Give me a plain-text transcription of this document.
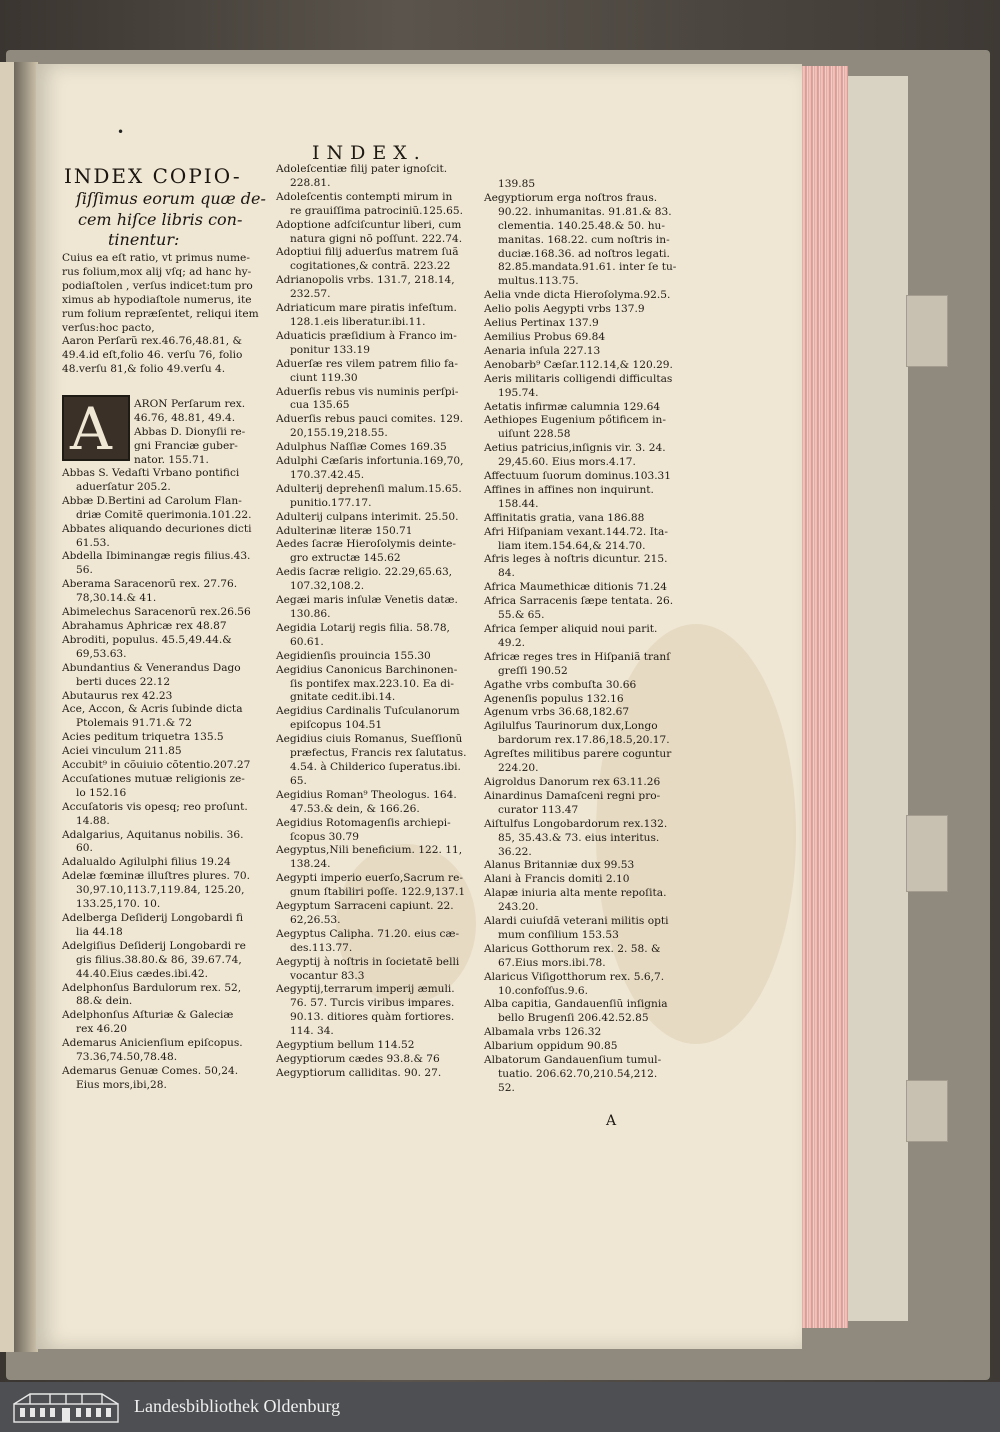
•
INDEX.
INDEX COPIO-
ſiſſimus eorum quæ de-
cem hiſce libris con-
tinentur:
Cuius ea eſt ratio, vt primus nume-
rus folium,mox alij vſq; ad hanc hy-
podiaſtolen , verſus indicet:tum pro
ximus ab hypodiaſtole numerus, ite
rum folium repræſentet, reliqui item
verſus:hoc pacto,
Aaron Perſarũ rex.46.76,48.81, &
49.4.id eſt,folio 46. verſu 76, folio
48.verſu 81,& folio 49.verſu 4.
A ARON Perſarum rex.
46.76, 48.81, 49.4.
Abbas D. Dionyſii re-
gni Franciæ guber-
nator. 155.71.
Abbas S. Vedaſti Vrbano pontifici
aduerſatur 205.2.
Abbæ D.Bertini ad Carolum Flan-
driæ Comitẽ querimonia.101.22.
Abbates aliquando decuriones dicti
61.53.
Abdella Ibiminangæ regis filius.43.
56.
Aberama Saracenorũ rex. 27.76.
78,30.14.& 41.
Abimelechus Saracenorũ rex.26.56
Abrahamus Aphricæ rex 48.87
Abroditi, populus. 45.5,49.44.&
69,53.63.
Abundantius & Venerandus Dago
berti duces 22.12
Abutaurus rex 42.23
Ace, Accon, & Acris ſubinde dicta
Ptolemais 91.71.& 72
Acies peditum triquetra 135.5
Aciei vinculum 211.85
Accubit⁹ in cõuiuio cõtentio.207.27
Accuſationes mutuæ religionis ze-
lo 152.16
Accuſatoris vis opesq; reo proſunt.
14.88.
Adalgarius, Aquitanus nobilis. 36.
60.
Adalualdo Agilulphi filius 19.24
Adelæ fœminæ illuſtres plures. 70.
30,97.10,113.7,119.84, 125.20,
133.25,170. 10.
Adelberga Deſiderij Longobardi fi
lia 44.18
Adelgiſius Deſiderij Longobardi re
gis filius.38.80.& 86, 39.67.74,
44.40.Eius cædes.ibi.42.
Adelphonſus Bardulorum rex. 52,
88.& dein.
Adelphonſus Aſturiæ & Galeciæ
rex 46.20
Ademarus Anicienſium epiſcopus.
73.36,74.50,78.48.
Ademarus Genuæ Comes. 50,24.
Eius mors,ibi,28.
Adoleſcentiæ filij pater ignoſcit.
228.81.
Adoleſcentis contempti mirum in
re grauiſſima patrociniũ.125.65.
Adoptione adſciſcuntur liberi, cum
natura gigni nõ poſſunt. 222.74.
Adoptiui filij aduerſus matrem ſuã
cogitationes,& contrã. 223.22
Adrianopolis vrbs. 131.7, 218.14,
232.57.
Adriaticum mare piratis infeſtum.
128.1.eis liberatur.ibi.11.
Aduaticis præſidium à Franco im-
ponitur 133.19
Aduerſæ res vilem patrem filio fa-
ciunt 119.30
Aduerſis rebus vis numinis perſpi-
cua 135.65
Aduerſis rebus pauci comites. 129.
20,155.19,218.55.
Adulphus Naſſiæ Comes 169.35
Adulphi Cæſaris infortunia.169,70,
170.37.42.45.
Adulterij deprehenſi malum.15.65.
punitio.177.17.
Adulterij culpans interimit. 25.50.
Adulterinæ literæ 150.71
Aedes ſacræ Hieroſolymis deinte-
gro extructæ 145.62
Aedis ſacræ religio. 22.29,65.63,
107.32,108.2.
Aegæi maris inſulæ Venetis datæ.
130.86.
Aegidia Lotarij regis filia. 58.78,
60.61.
Aegidienſis prouincia 155.30
Aegidius Canonicus Barchinonen-
ſis pontifex max.223.10. Ea di-
gnitate cedit.ibi.14.
Aegidius Cardinalis Tuſculanorum
epiſcopus 104.51
Aegidius ciuis Romanus, Sueſſionũ
præfectus, Francis rex ſalutatus.
4.54. à Childerico ſuperatus.ibi.
65.
Aegidius Roman⁹ Theologus. 164.
47.53.& dein, & 166.26.
Aegidius Rotomagenſis archiepi-
ſcopus 30.79
Aegyptus,Nili beneficium. 122. 11,
138.24.
Aegypti imperio euerſo,Sacrum re-
gnum ſtabiliri poſſe. 122.9,137.1
Aegyptum Sarraceni capiunt. 22.
62,26.53.
Aegyptus Calipha. 71.20. eius cæ-
des.113.77.
Aegyptij à noſtris in ſocietatẽ belli
vocantur 83.3
Aegyptij,terrarum imperij æmuli.
76. 57. Turcis viribus impares.
90.13. ditiores quàm fortiores.
114. 34.
Aegyptium bellum 114.52
Aegyptiorum cædes 93.8.& 76
Aegyptiorum calliditas. 90. 27.
139.85
Aegyptiorum erga noſtros fraus.
90.22. inhumanitas. 91.81.& 83.
clementia. 140.25.48.& 50. hu-
manitas. 168.22. cum noſtris in-
duciæ.168.36. ad noſtros legati.
82.85.mandata.91.61. inter ſe tu-
multus.113.75.
Aelia vnde dicta Hieroſolyma.92.5.
Aelio polis Aegypti vrbs 137.9
Aelius Pertinax 137.9
Aemilius Probus 69.84
Aenaria inſula 227.13
Aenobarb⁹ Cæſar.112.14,& 120.29.
Aeris militaris colligendi difficultas
195.74.
Aetatis infirmæ calumnia 129.64
Aethiopes Eugenium pőtificem in-
uiſunt 228.58
Aetius patricius,inſignis vir. 3. 24.
29,45.60. Eius mors.4.17.
Affectuum ſuorum dominus.103.31
Affines in affines non inquirunt.
158.44.
Affinitatis gratia, vana 186.88
Afri Hiſpaniam vexant.144.72. Ita-
liam item.154.64,& 214.70.
Afris leges à noſtris dicuntur. 215.
84.
Africa Maumethicæ ditionis 71.24
Africa Sarracenis ſæpe tentata. 26.
55.& 65.
Africa ſemper aliquid noui parit.
49.2.
Africæ reges tres in Hiſpaniã tranſ
greſſi 190.52
Agathe vrbs combuſta 30.66
Agenenſis populus 132.16
Agenum vrbs 36.68,182.67
Agilulfus Taurinorum dux,Longo
bardorum rex.17.86,18.5,20.17.
Agreſtes militibus parere coguntur
224.20.
Aigroldus Danorum rex 63.11.26
Ainardinus Damaſceni regni pro-
curator 113.47
Aiſtulfus Longobardorum rex.132.
85, 35.43.& 73. eius interitus.
36.22.
Alanus Britanniæ dux 99.53
Alani à Francis domiti 2.10
Alapæ iniuria alta mente repoſita.
243.20.
Alardi cuiuſdã veterani militis opti
mum conſilium 153.53
Alaricus Gotthorum rex. 2. 58. &
67.Eius mors.ibi.78.
Alaricus Viſigotthorum rex. 5.6,7.
10.confoſſus.9.6.
Alba capitia, Gandauenſiũ inſignia
bello Brugenſi 206.42.52.85
Albamala vrbs 126.32
Albarium oppidum 90.85
Albatorum Gandauenſium tumul-
tuatio. 206.62.70,210.54,212.
52.
A
Landesbibliothek Oldenburg
